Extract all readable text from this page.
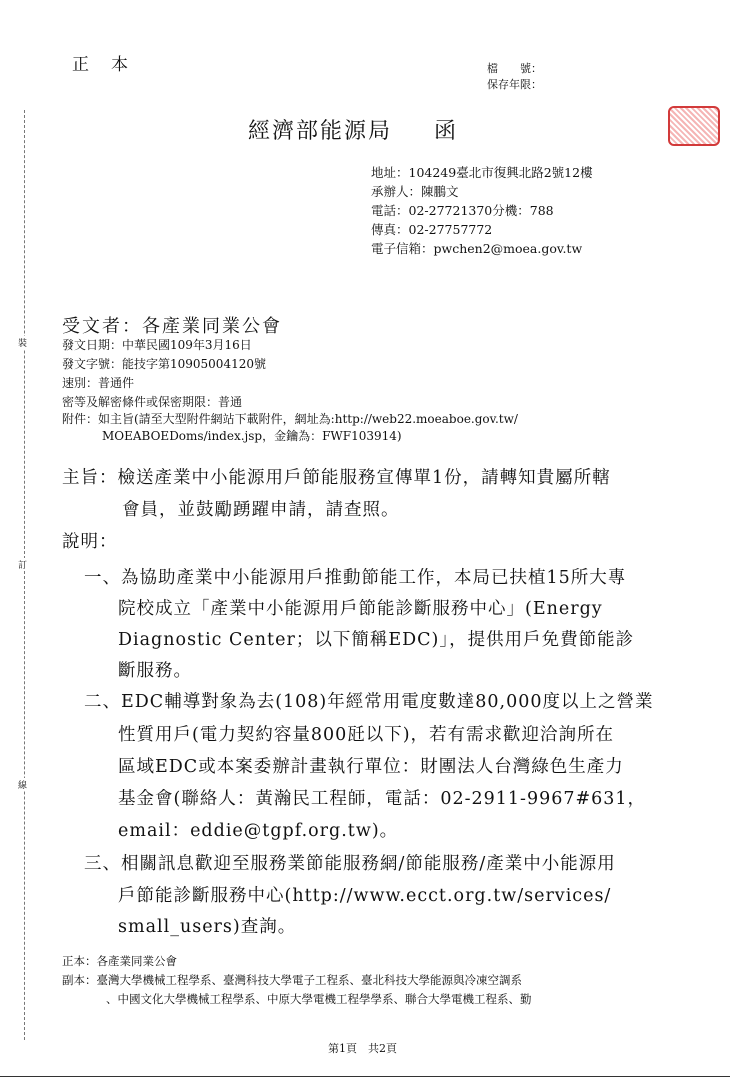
裝
訂
線
正本	檔　　號：
保存年限：
經濟部能源局 函
地址：104249臺北市復興北路2號12樓
承辦人：陳鵬文
電話：02-27721370分機：788
傳真：02-27757772
電子信箱：pwchen2@moea.gov.tw
受文者：各產業同業公會
發文日期：中華民國109年3月16日
發文字號：能技字第10905004120號
速別：普通件
密等及解密條件或保密期限：普通
附件：如主旨(請至大型附件網站下載附件，網址為:http://web22.moeaboe.gov.tw/
MOEABOEDoms/index.jsp，金鑰為：FWF103914)
主旨：檢送產業中小能源用戶節能服務宣傳單1份，請轉知貴屬所轄
會員，並鼓勵踴躍申請，請查照。
說明：
一、為協助產業中小能源用戶推動節能工作，本局已扶植15所大專
院校成立「產業中小能源用戶節能診斷服務中心」(Energy
Diagnostic Center；以下簡稱EDC)」，提供用戶免費節能診
斷服務。
二、EDC輔導對象為去(108)年經常用電度數達80,000度以上之營業
性質用戶(電力契約容量800瓩以下)，若有需求歡迎洽詢所在
區域EDC或本案委辦計畫執行單位：財團法人台灣綠色生產力
基金會(聯絡人：黃瀚民工程師，電話：02-2911-9967#631，
email：eddie@tgpf.org.tw)。
三、相關訊息歡迎至服務業節能服務網/節能服務/產業中小能源用
戶節能診斷服務中心(http://www.ecct.org.tw/services/
small_users)查詢。
正本：各產業同業公會
副本：臺灣大學機械工程學系、臺灣科技大學電子工程系、臺北科技大學能源與冷凍空調系
、中國文化大學機械工程學系、中原大學電機工程學學系、聯合大學電機工程系、勤
第1頁　共2頁
